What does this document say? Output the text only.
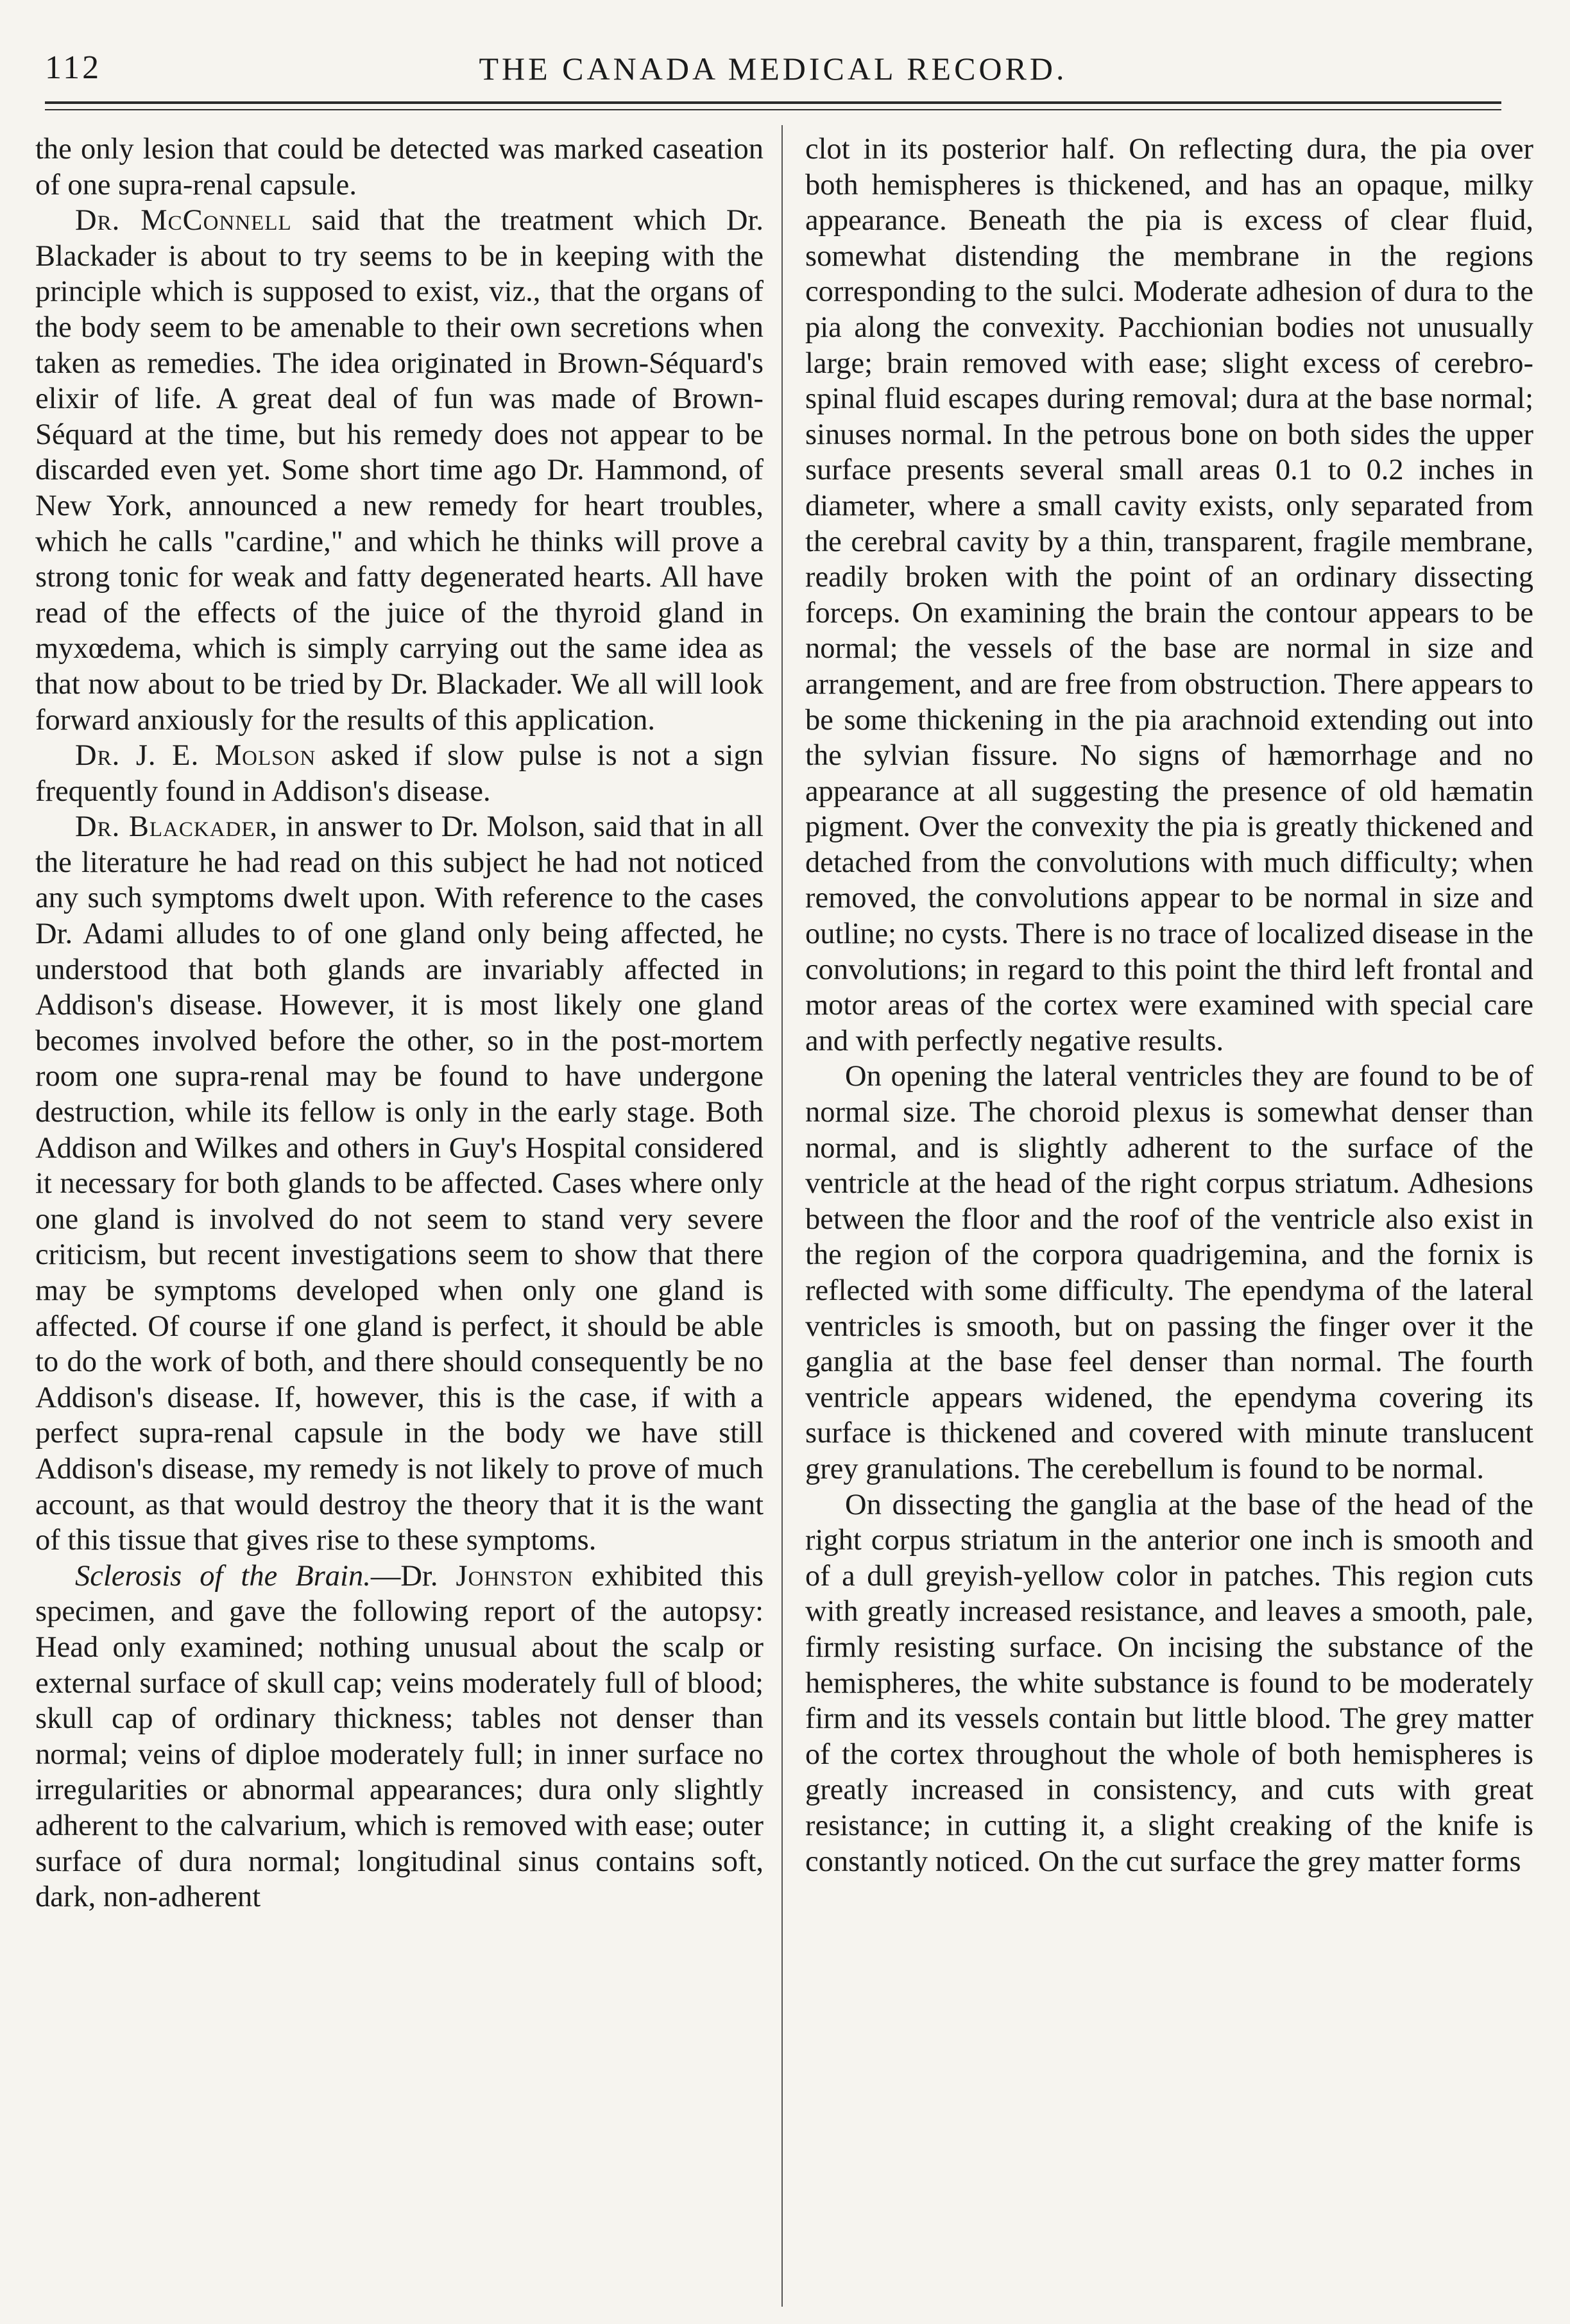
112	THE CANADA MEDICAL RECORD.

the only lesion that could be detected was marked caseation of one supra-renal capsule.

Dr. McConnell said that the treatment which Dr. Blackader is about to try seems to be in keeping with the principle which is supposed to exist, viz., that the organs of the body seem to be amenable to their own secretions when taken as remedies. The idea originated in Brown-Séquard's elixir of life. A great deal of fun was made of Brown-Séquard at the time, but his remedy does not appear to be discarded even yet. Some short time ago Dr. Hammond, of New York, announced a new remedy for heart troubles, which he calls "cardine," and which he thinks will prove a strong tonic for weak and fatty degenerated hearts. All have read of the effects of the juice of the thyroid gland in myxœdema, which is simply carrying out the same idea as that now about to be tried by Dr. Blackader. We all will look forward anxiously for the results of this application.

Dr. J. E. Molson asked if slow pulse is not a sign frequently found in Addison's disease.

Dr. Blackader, in answer to Dr. Molson, said that in all the literature he had read on this subject he had not noticed any such symptoms dwelt upon. With reference to the cases Dr. Adami alludes to of one gland only being affected, he understood that both glands are invariably affected in Addison's disease. However, it is most likely one gland becomes involved before the other, so in the post-mortem room one supra-renal may be found to have undergone destruction, while its fellow is only in the early stage. Both Addison and Wilkes and others in Guy's Hospital considered it necessary for both glands to be affected. Cases where only one gland is involved do not seem to stand very severe criticism, but recent investigations seem to show that there may be symptoms developed when only one gland is affected. Of course if one gland is perfect, it should be able to do the work of both, and there should consequently be no Addison's disease. If, however, this is the case, if with a perfect supra-renal capsule in the body we have still Addison's disease, my remedy is not likely to prove of much account, as that would destroy the theory that it is the want of this tissue that gives rise to these symptoms.

Sclerosis of the Brain.—Dr. Johnston exhibited this specimen, and gave the following report of the autopsy: Head only examined; nothing unusual about the scalp or external surface of skull cap; veins moderately full of blood; skull cap of ordinary thickness; tables not denser than normal; veins of diploe moderately full; in inner surface no irregularities or abnormal appearances; dura only slightly adherent to the calvarium, which is removed with ease; outer surface of dura normal; longitudinal sinus contains soft, dark, non-adherent

clot in its posterior half. On reflecting dura, the pia over both hemispheres is thickened, and has an opaque, milky appearance. Beneath the pia is excess of clear fluid, somewhat distending the membrane in the regions corresponding to the sulci. Moderate adhesion of dura to the pia along the convexity. Pacchionian bodies not unusually large; brain removed with ease; slight excess of cerebro-spinal fluid escapes during removal; dura at the base normal; sinuses normal. In the petrous bone on both sides the upper surface presents several small areas 0.1 to 0.2 inches in diameter, where a small cavity exists, only separated from the cerebral cavity by a thin, transparent, fragile membrane, readily broken with the point of an ordinary dissecting forceps. On examining the brain the contour appears to be normal; the vessels of the base are normal in size and arrangement, and are free from obstruction. There appears to be some thickening in the pia arachnoid extending out into the sylvian fissure. No signs of hæmorrhage and no appearance at all suggesting the presence of old hæmatin pigment. Over the convexity the pia is greatly thickened and detached from the convolutions with much difficulty; when removed, the convolutions appear to be normal in size and outline; no cysts. There is no trace of localized disease in the convolutions; in regard to this point the third left frontal and motor areas of the cortex were examined with special care and with perfectly negative results.

On opening the lateral ventricles they are found to be of normal size. The choroid plexus is somewhat denser than normal, and is slightly adherent to the surface of the ventricle at the head of the right corpus striatum. Adhesions between the floor and the roof of the ventricle also exist in the region of the corpora quadrigemina, and the fornix is reflected with some difficulty. The ependyma of the lateral ventricles is smooth, but on passing the finger over it the ganglia at the base feel denser than normal. The fourth ventricle appears widened, the ependyma covering its surface is thickened and covered with minute translucent grey granulations. The cerebellum is found to be normal.

On dissecting the ganglia at the base of the head of the right corpus striatum in the anterior one inch is smooth and of a dull greyish-yellow color in patches. This region cuts with greatly increased resistance, and leaves a smooth, pale, firmly resisting surface. On incising the substance of the hemispheres, the white substance is found to be moderately firm and its vessels contain but little blood. The grey matter of the cortex throughout the whole of both hemispheres is greatly increased in consistency, and cuts with great resistance; in cutting it, a slight creaking of the knife is constantly noticed. On the cut surface the grey matter forms
